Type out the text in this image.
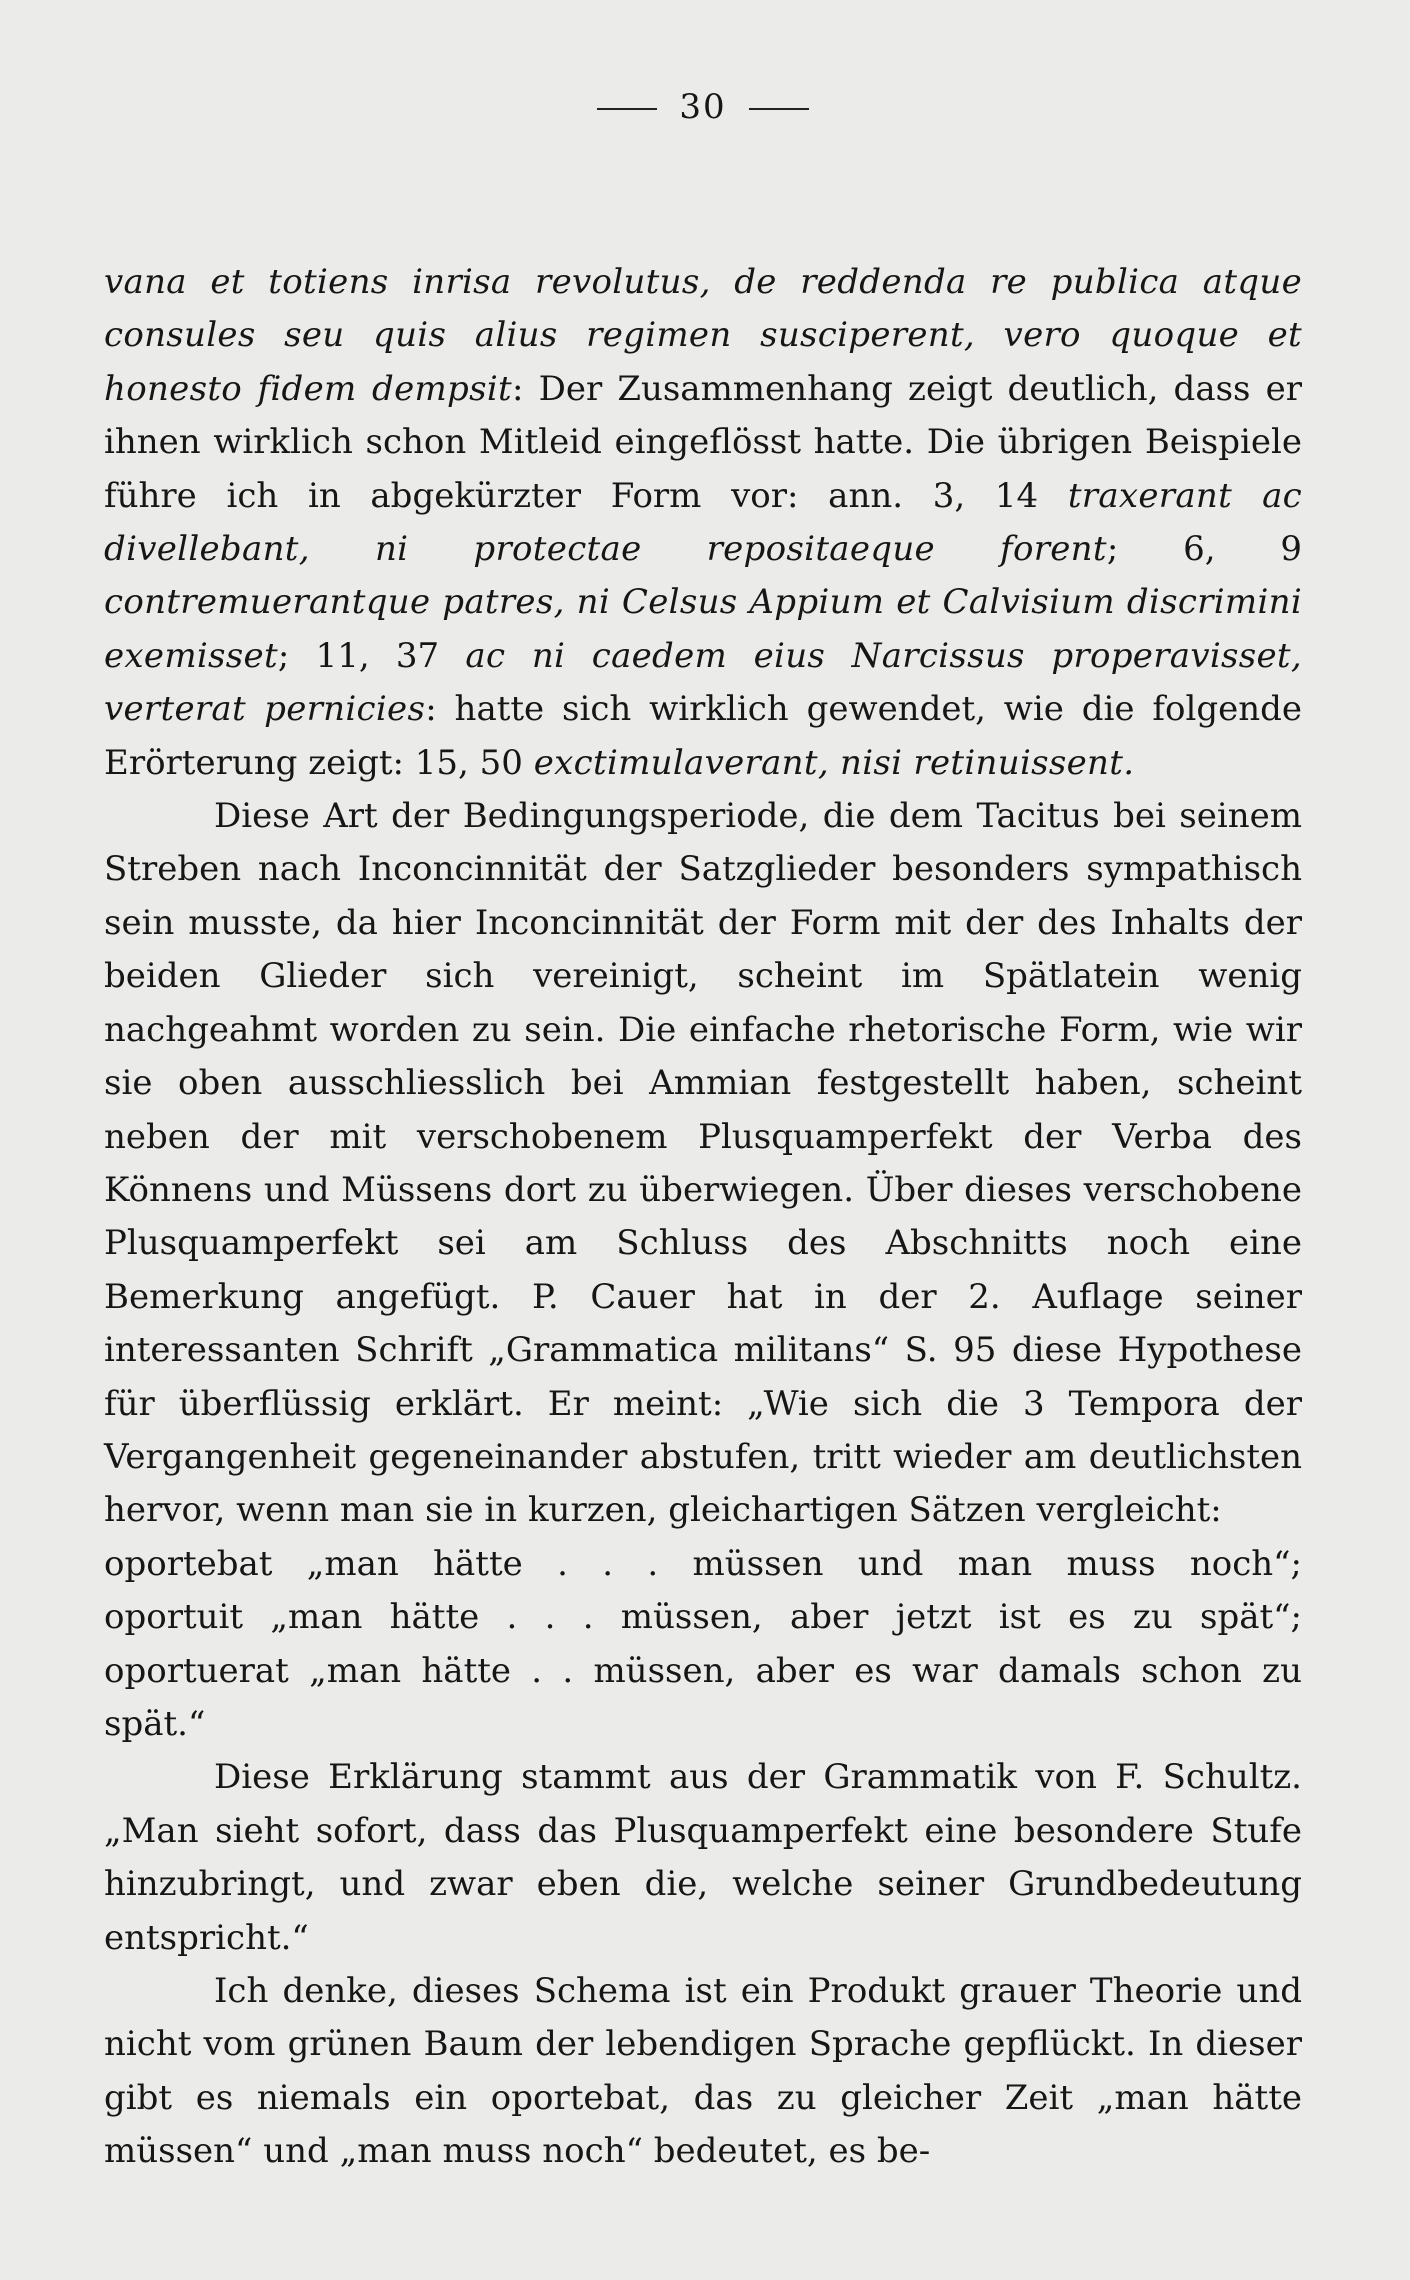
30

vana et totiens inrisa revolutus, de reddenda re publica atque consules seu quis alius regimen susciperent, vero quoque et honesto fidem dempsit: Der Zusammenhang zeigt deutlich, dass er ihnen wirklich schon Mitleid eingeflösst hatte. Die übrigen Beispiele führe ich in abgekürzter Form vor: ann. 3, 14 traxerant ac divellebant, ni protectae repositaeque forent; 6, 9 contremuerantque patres, ni Celsus Appium et Calvisium discrimini exemisset; 11, 37 ac ni caedem eius Narcissus properavisset, verterat pernicies: hatte sich wirklich gewendet, wie die folgende Erörterung zeigt: 15, 50 exctimulaverant, nisi retinuissent.

Diese Art der Bedingungsperiode, die dem Tacitus bei seinem Streben nach Inconcinnität der Satzglieder besonders sympathisch sein musste, da hier Inconcinnität der Form mit der des Inhalts der beiden Glieder sich vereinigt, scheint im Spätlatein wenig nachgeahmt worden zu sein. Die einfache rhetorische Form, wie wir sie oben ausschliesslich bei Ammian festgestellt haben, scheint neben der mit verschobenem Plusquamperfekt der Verba des Könnens und Müssens dort zu überwiegen. Über dieses verschobene Plusquamperfekt sei am Schluss des Abschnitts noch eine Bemerkung angefügt. P. Cauer hat in der 2. Auflage seiner interessanten Schrift „Grammatica militans“ S. 95 diese Hypothese für überflüssig erklärt. Er meint: „Wie sich die 3 Tempora der Vergangenheit gegeneinander abstufen, tritt wieder am deutlichsten hervor, wenn man sie in kurzen, gleichartigen Sätzen vergleicht:

oportebat „man hätte . . . müssen und man muss noch“;

oportuit „man hätte . . . müssen, aber jetzt ist es zu spät“;

oportuerat „man hätte . . müssen, aber es war damals schon zu spät.“

Diese Erklärung stammt aus der Grammatik von F. Schultz. „Man sieht sofort, dass das Plusquamperfekt eine besondere Stufe hinzubringt, und zwar eben die, welche seiner Grundbedeutung entspricht.“

Ich denke, dieses Schema ist ein Produkt grauer Theorie und nicht vom grünen Baum der lebendigen Sprache gepflückt. In dieser gibt es niemals ein oportebat, das zu gleicher Zeit „man hätte müssen“ und „man muss noch“ bedeutet, es be-
